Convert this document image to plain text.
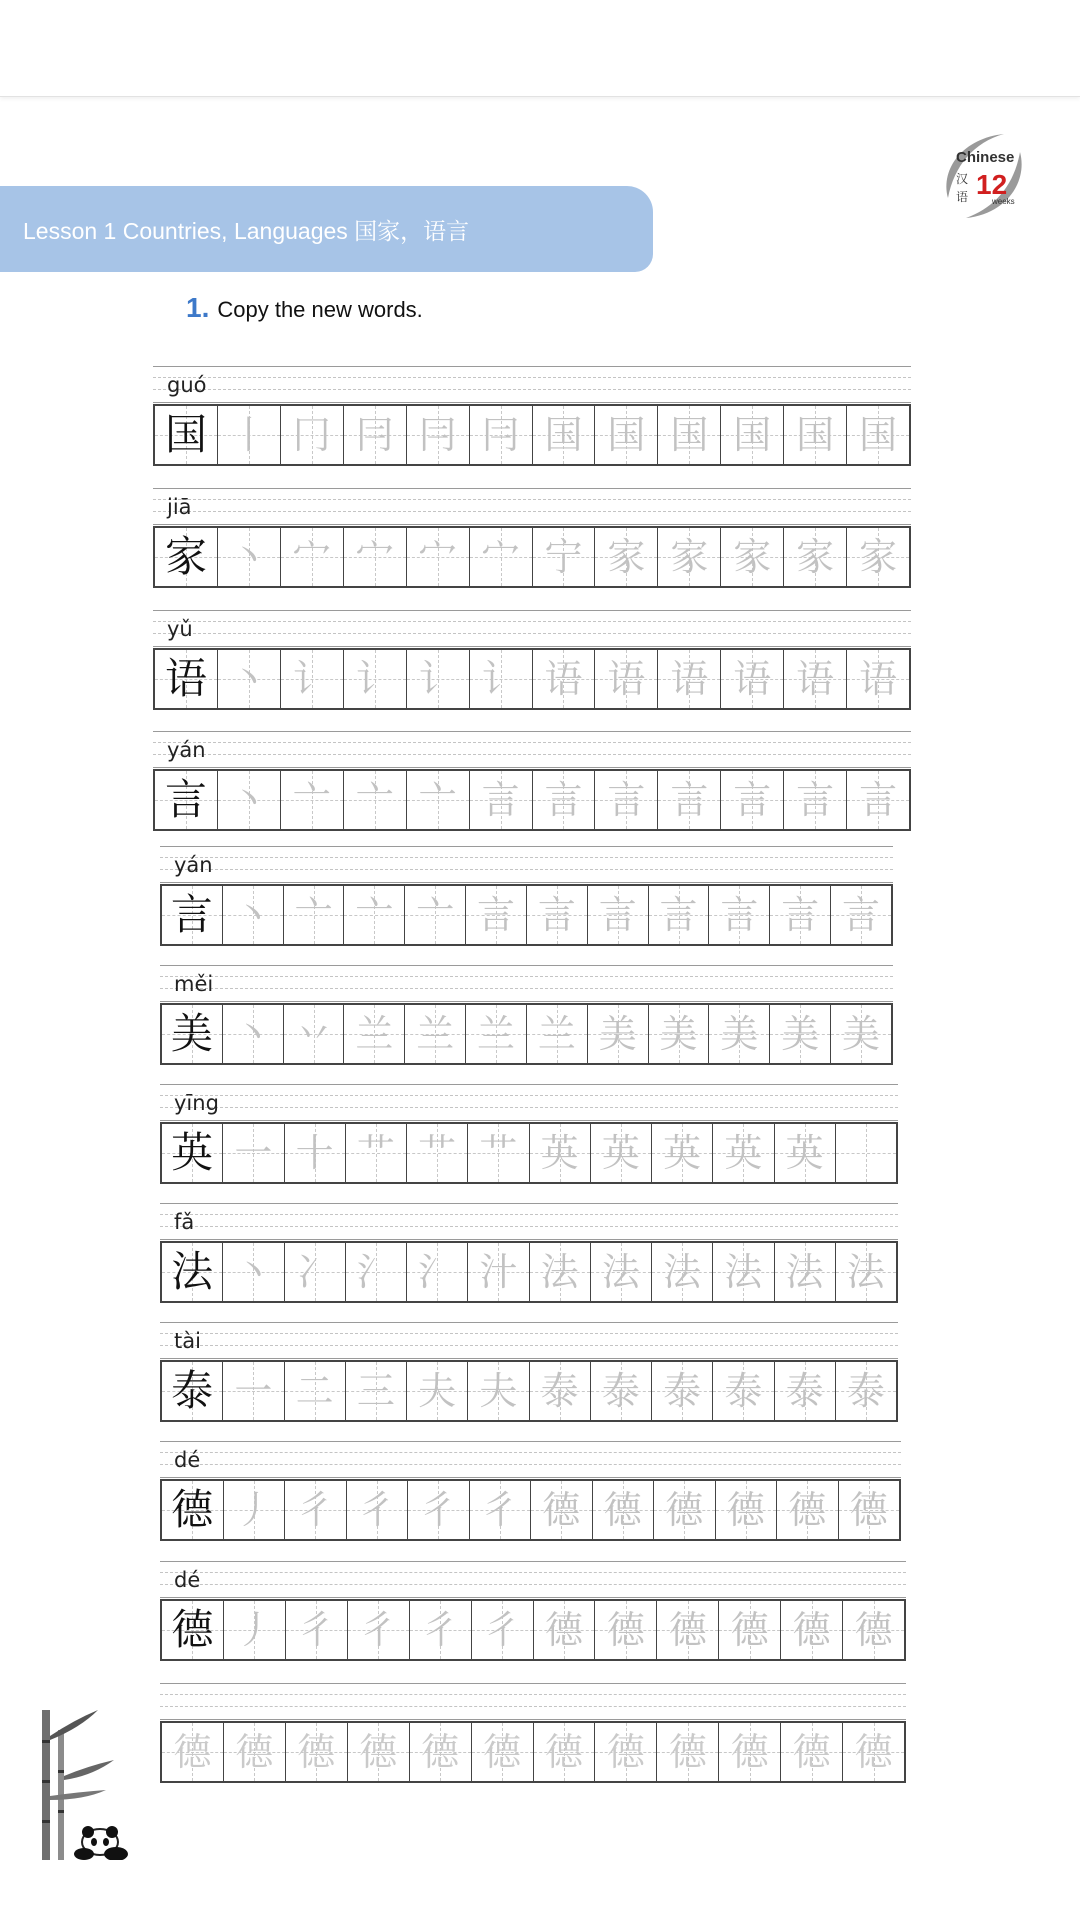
Chinese
12
weeks
汉
语
Lesson 1 Countries, Languages 国家，语言
1. Copy the new words.
guó
国 丨 冂 冃 冃 冃 国 国 国 国 国 国
jiā
家 丶 宀 宀 宀 宀 宁 家 家 家 家 家
yǔ
语 丶 讠 讠 讠 讠 语 语 语 语 语 语
yán
言 丶 亠 亠 亠 言 言 言 言 言 言 言
yán
言 丶 亠 亠 亠 言 言 言 言 言 言 言
měi
美 丶 丷 兰 兰 兰 兰 美 美 美 美 美
yīng
英 一 十 艹 艹 艹 英 英 英 英 英
fǎ
法 丶 冫 氵 氵 汁 法 法 法 法 法 法
tài
泰 一 二 三 夫 夫 泰 泰 泰 泰 泰 泰
dé
德 丿 彳 彳 彳 彳 德 德 德 德 德 德
dé
德 丿 彳 彳 彳 彳 德 德 德 德 德 德
德 德 德 德 德 德 德 德 德 德 德 德
